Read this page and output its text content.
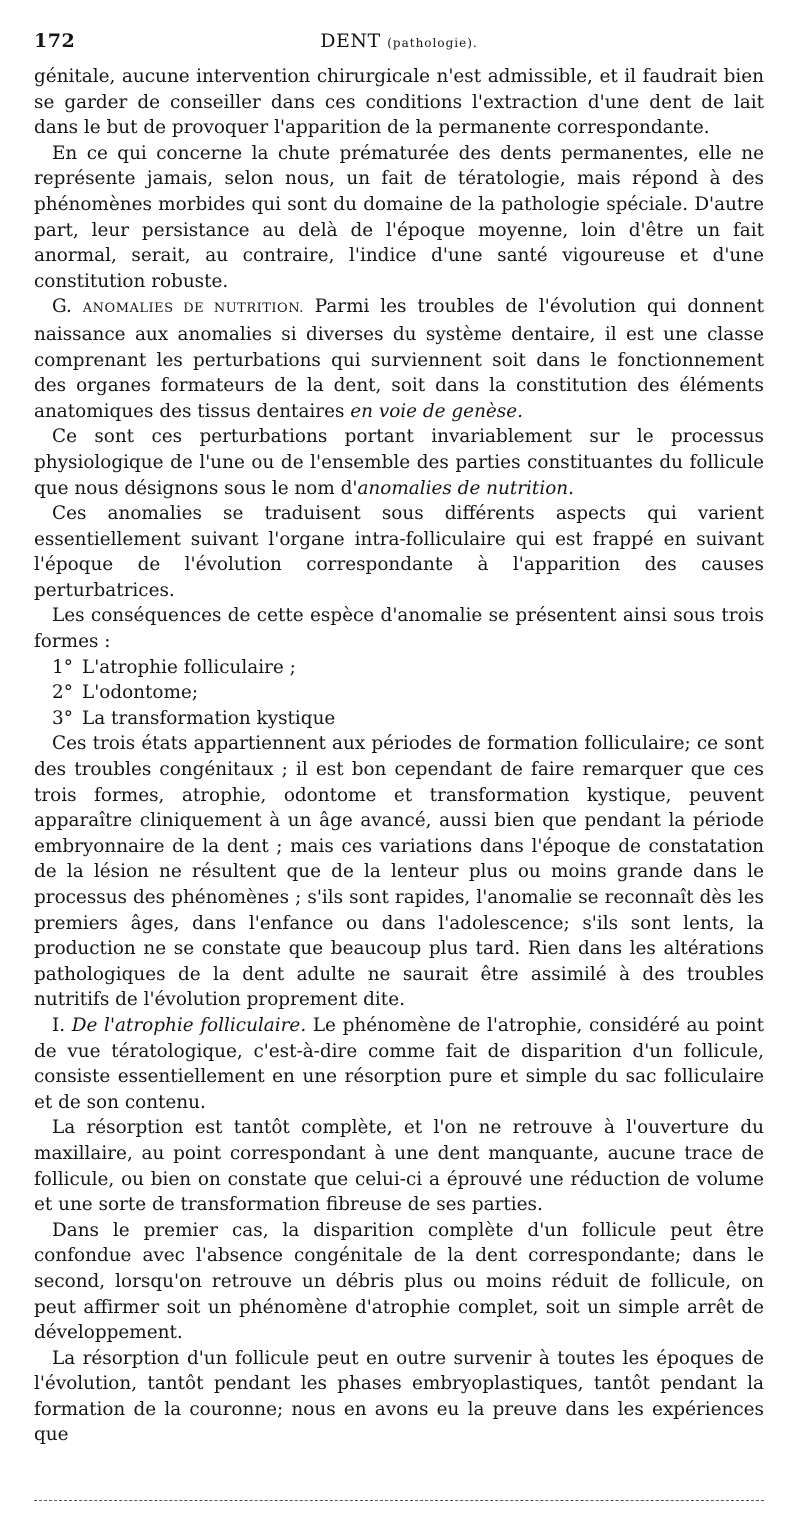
172	DENT (pathologie).

génitale, aucune intervention chirurgicale n'est admissible, et il faudrait bien se garder de conseiller dans ces conditions l'extraction d'une dent de lait dans le but de provoquer l'apparition de la permanente correspondante.

En ce qui concerne la chute prématurée des dents permanentes, elle ne représente jamais, selon nous, un fait de tératologie, mais répond à des phénomènes morbides qui sont du domaine de la pathologie spéciale. D'autre part, leur persistance au delà de l'époque moyenne, loin d'être un fait anormal, serait, au contraire, l'indice d'une santé vigoureuse et d'une constitution robuste.

G. ANOMALIES DE NUTRITION. Parmi les troubles de l'évolution qui donnent naissance aux anomalies si diverses du système dentaire, il est une classe comprenant les perturbations qui surviennent soit dans le fonctionnement des organes formateurs de la dent, soit dans la constitution des éléments anatomiques des tissus dentaires en voie de genèse.

Ce sont ces perturbations portant invariablement sur le processus physiologique de l'une ou de l'ensemble des parties constituantes du follicule que nous désignons sous le nom d'anomalies de nutrition.

Ces anomalies se traduisent sous différents aspects qui varient essentiellement suivant l'organe intra-folliculaire qui est frappé en suivant l'époque de l'évolution correspondante à l'apparition des causes perturbatrices.

Les conséquences de cette espèce d'anomalie se présentent ainsi sous trois formes :

1° L'atrophie folliculaire ;
2° L'odontome;
3° La transformation kystique

Ces trois états appartiennent aux périodes de formation folliculaire; ce sont des troubles congénitaux ; il est bon cependant de faire remarquer que ces trois formes, atrophie, odontome et transformation kystique, peuvent apparaître cliniquement à un âge avancé, aussi bien que pendant la période embryonnaire de la dent ; mais ces variations dans l'époque de constatation de la lésion ne résultent que de la lenteur plus ou moins grande dans le processus des phénomènes ; s'ils sont rapides, l'anomalie se reconnaît dès les premiers âges, dans l'enfance ou dans l'adolescence; s'ils sont lents, la production ne se constate que beaucoup plus tard. Rien dans les altérations pathologiques de la dent adulte ne saurait être assimilé à des troubles nutritifs de l'évolution proprement dite.

I. De l'atrophie folliculaire. Le phénomène de l'atrophie, considéré au point de vue tératologique, c'est-à-dire comme fait de disparition d'un follicule, consiste essentiellement en une résorption pure et simple du sac folliculaire et de son contenu.

La résorption est tantôt complète, et l'on ne retrouve à l'ouverture du maxillaire, au point correspondant à une dent manquante, aucune trace de follicule, ou bien on constate que celui-ci a éprouvé une réduction de volume et une sorte de transformation fibreuse de ses parties.

Dans le premier cas, la disparition complète d'un follicule peut être confondue avec l'absence congénitale de la dent correspondante; dans le second, lorsqu'on retrouve un débris plus ou moins réduit de follicule, on peut affirmer soit un phénomène d'atrophie complet, soit un simple arrêt de développement.

La résorption d'un follicule peut en outre survenir à toutes les époques de l'évolution, tantôt pendant les phases embryoplastiques, tantôt pendant la formation de la couronne; nous en avons eu la preuve dans les expériences que
